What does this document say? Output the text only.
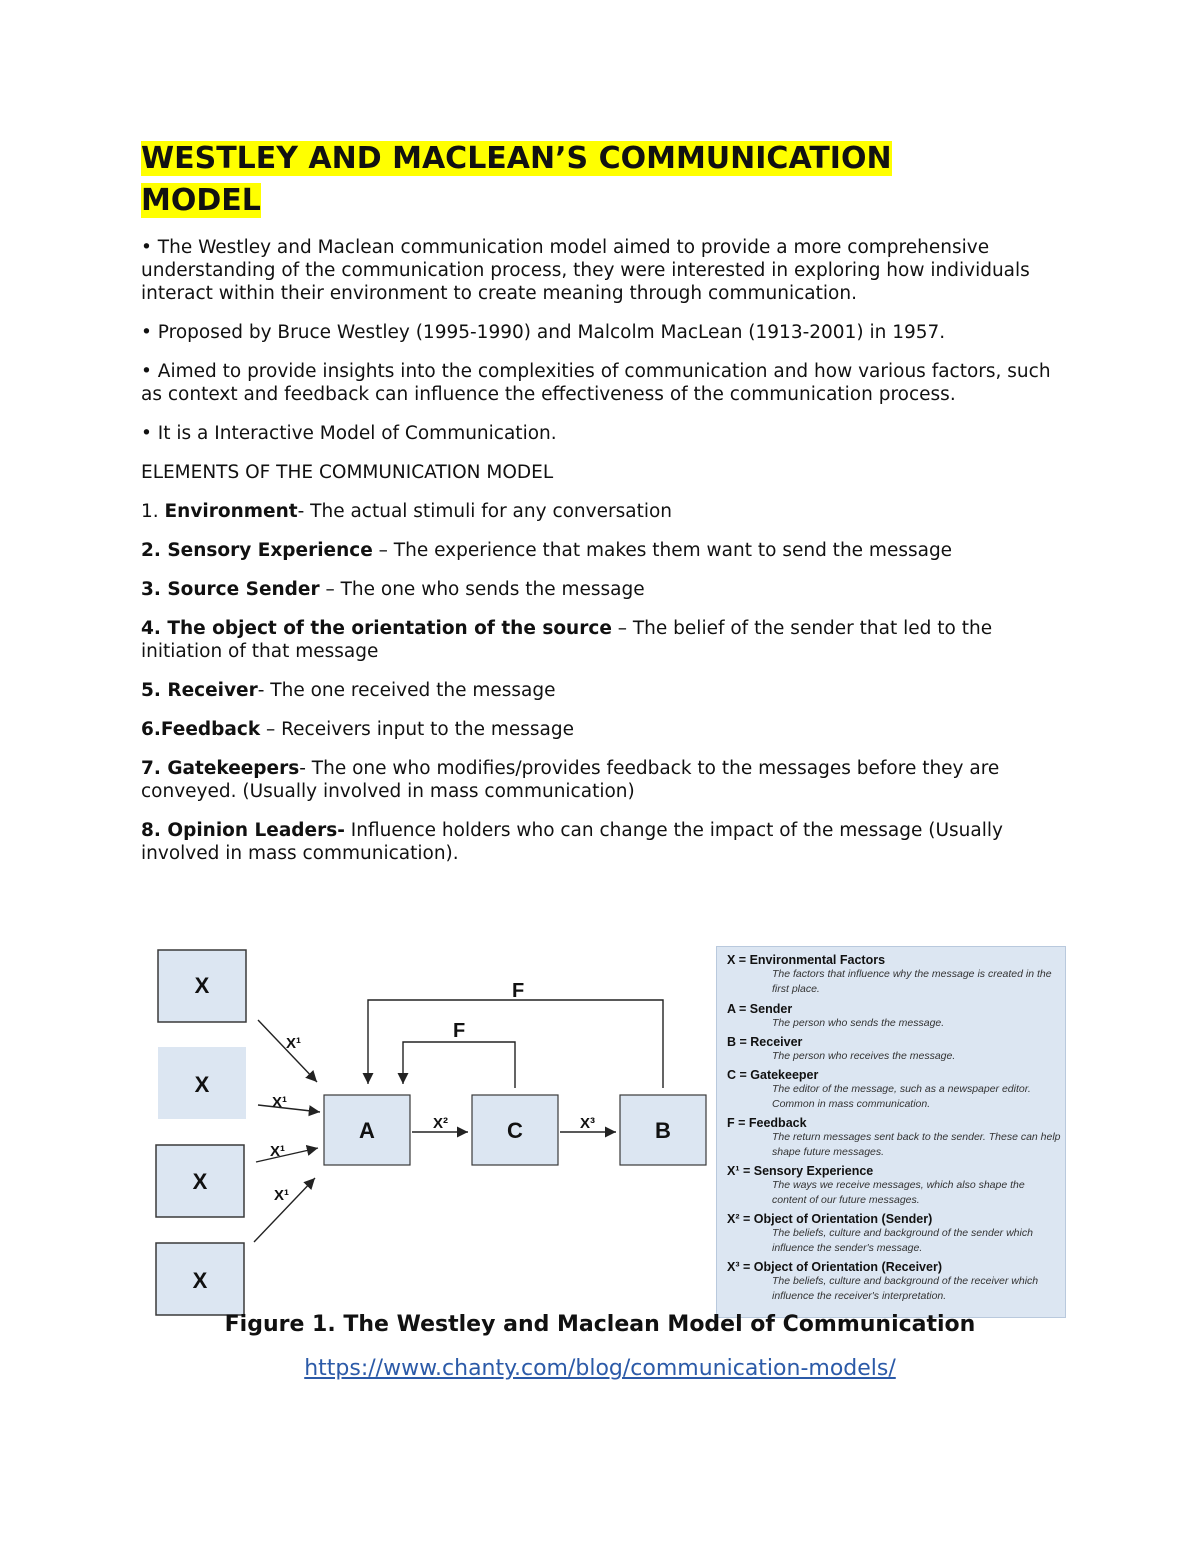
WESTLEY AND MACLEAN’S COMMUNICATION
MODEL

• The Westley and Maclean communication model aimed to provide a more comprehensive understanding of the communication process, they were interested in exploring how individuals interact within their environment to create meaning through communication.

• Proposed by Bruce Westley (1995-1990) and Malcolm MacLean (1913-2001) in 1957.

• Aimed to provide insights into the complexities of communication and how various factors, such as context and feedback can influence the effectiveness of the communication process.

• It is a Interactive Model of Communication.

ELEMENTS OF THE COMMUNICATION MODEL

1. Environment- The actual stimuli for any conversation

2. Sensory Experience – The experience that makes them want to send the message

3. Source Sender – The one who sends the message

4. The object of the orientation of the source – The belief of the sender that led to the initiation of that message

5. Receiver- The one received the message

6.Feedback – Receivers input to the message

7. Gatekeepers- The one who modifies/provides feedback to the messages before they are conveyed. (Usually involved in mass communication)

8. Opinion Leaders- Influence holders who can change the impact of the message (Usually involved in mass communication).

X
X
X
X
X¹
X¹
X¹
X¹
A	C	B
X²	X³
F
F
X = Environmental Factors
The factors that influence why the message is created in the first place.
A = Sender
The person who sends the message.
B = Receiver
The person who receives the message.
C = Gatekeeper
The editor of the message, such as a newspaper editor. Common in mass communication.
F = Feedback
The return messages sent back to the sender. These can help shape future messages.
X¹ = Sensory Experience
The ways we receive messages, which also shape the content of our future messages.
X² = Object of Orientation (Sender)
The beliefs, culture and background of the sender which influence the sender's message.
X³ = Object of Orientation (Receiver)
The beliefs, culture and background of the receiver which influence the receiver's interpretation.
Figure 1. The Westley and Maclean Model of Communication
https://www.chanty.com/blog/communication-models/
